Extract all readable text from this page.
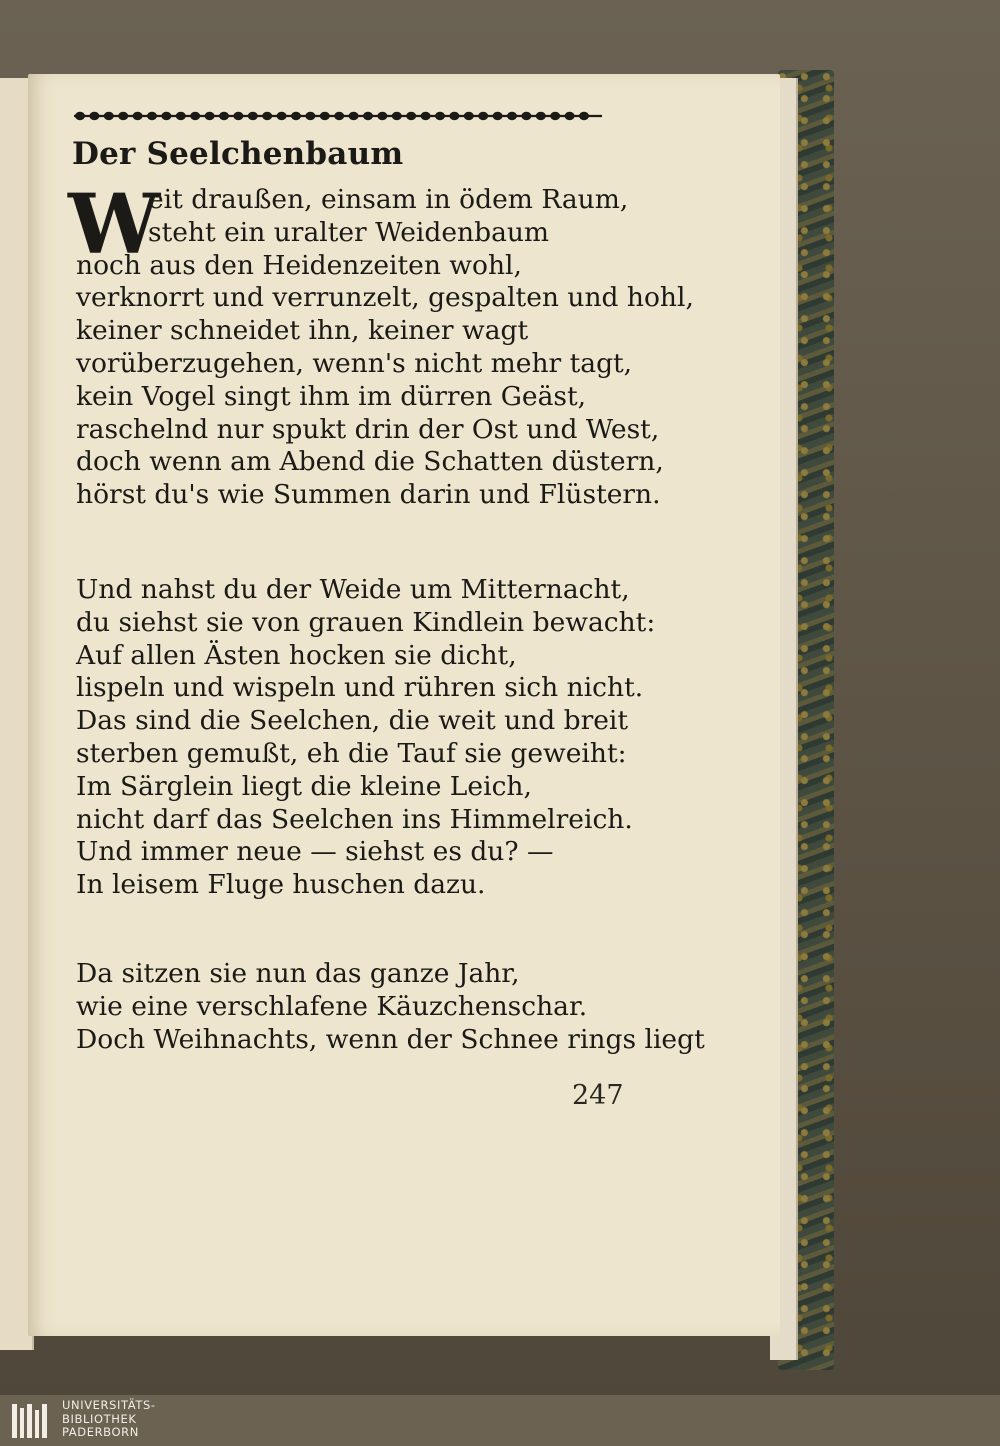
Der Seelchenbaum
W
eit draußen, einsam in ödem Raum,
steht ein uralter Weidenbaum
noch aus den Heidenzeiten wohl,
verknorrt und verrunzelt, gespalten und hohl,
keiner schneidet ihn, keiner wagt
vorüberzugehen, wenn's nicht mehr tagt,
kein Vogel singt ihm im dürren Geäst,
raschelnd nur spukt drin der Ost und West,
doch wenn am Abend die Schatten düstern,
hörst du's wie Summen darin und Flüstern.
Und nahst du der Weide um Mitternacht,
du siehst sie von grauen Kindlein bewacht:
Auf allen Ästen hocken sie dicht,
lispeln und wispeln und rühren sich nicht.
Das sind die Seelchen, die weit und breit
sterben gemußt, eh die Tauf sie geweiht:
Im Särglein liegt die kleine Leich,
nicht darf das Seelchen ins Himmelreich.
Und immer neue — siehst es du? —
In leisem Fluge huschen dazu.
Da sitzen sie nun das ganze Jahr,
wie eine verschlafene Käuzchenschar.
Doch Weihnachts, wenn der Schnee rings liegt
247
UNIVERSITÄTS-
BIBLIOTHEK
PADERBORN
